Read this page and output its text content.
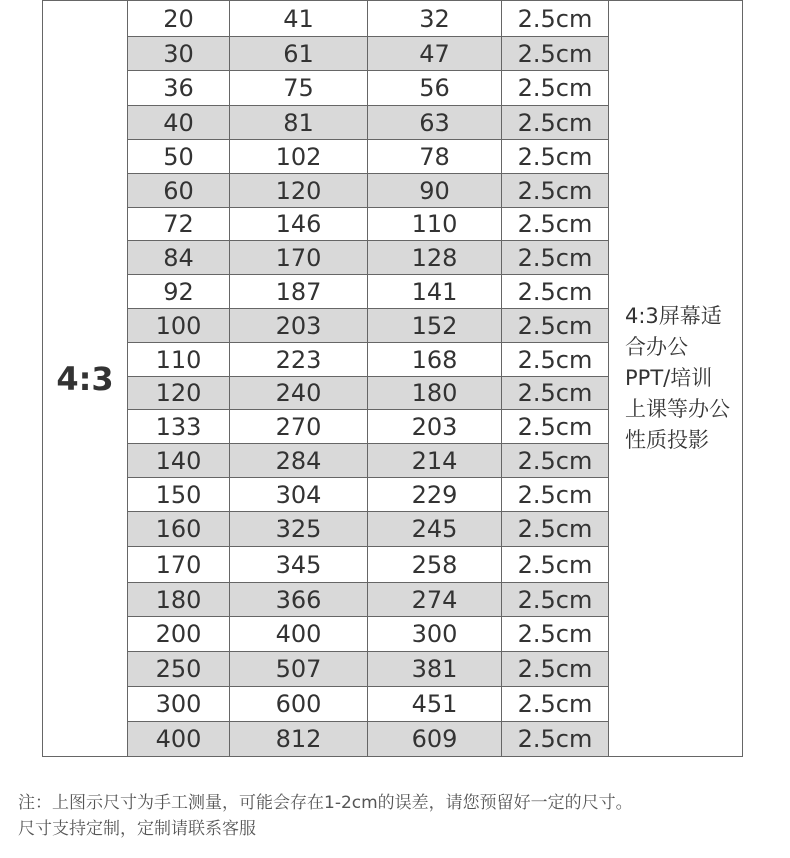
4:3	20	41	32	2.5cm	4:3屏幕适合办公PPT/培训上课等办公性质投影
	30	61	47	2.5cm	
	36	75	56	2.5cm	
	40	81	63	2.5cm	
	50	102	78	2.5cm	
	60	120	90	2.5cm	
	72	146	110	2.5cm	
	84	170	128	2.5cm	
	92	187	141	2.5cm	
	100	203	152	2.5cm	
	110	223	168	2.5cm	
	120	240	180	2.5cm	
	133	270	203	2.5cm	
	140	284	214	2.5cm	
	150	304	229	2.5cm	
	160	325	245	2.5cm	
	170	345	258	2.5cm	
	180	366	274	2.5cm	
	200	400	300	2.5cm	
	250	507	381	2.5cm	
	300	600	451	2.5cm	
	400	812	609	2.5cm	
注：上图示尺寸为手工测量，可能会存在1-2cm的误差，请您预留好一定的尺寸。
尺寸支持定制，定制请联系客服
